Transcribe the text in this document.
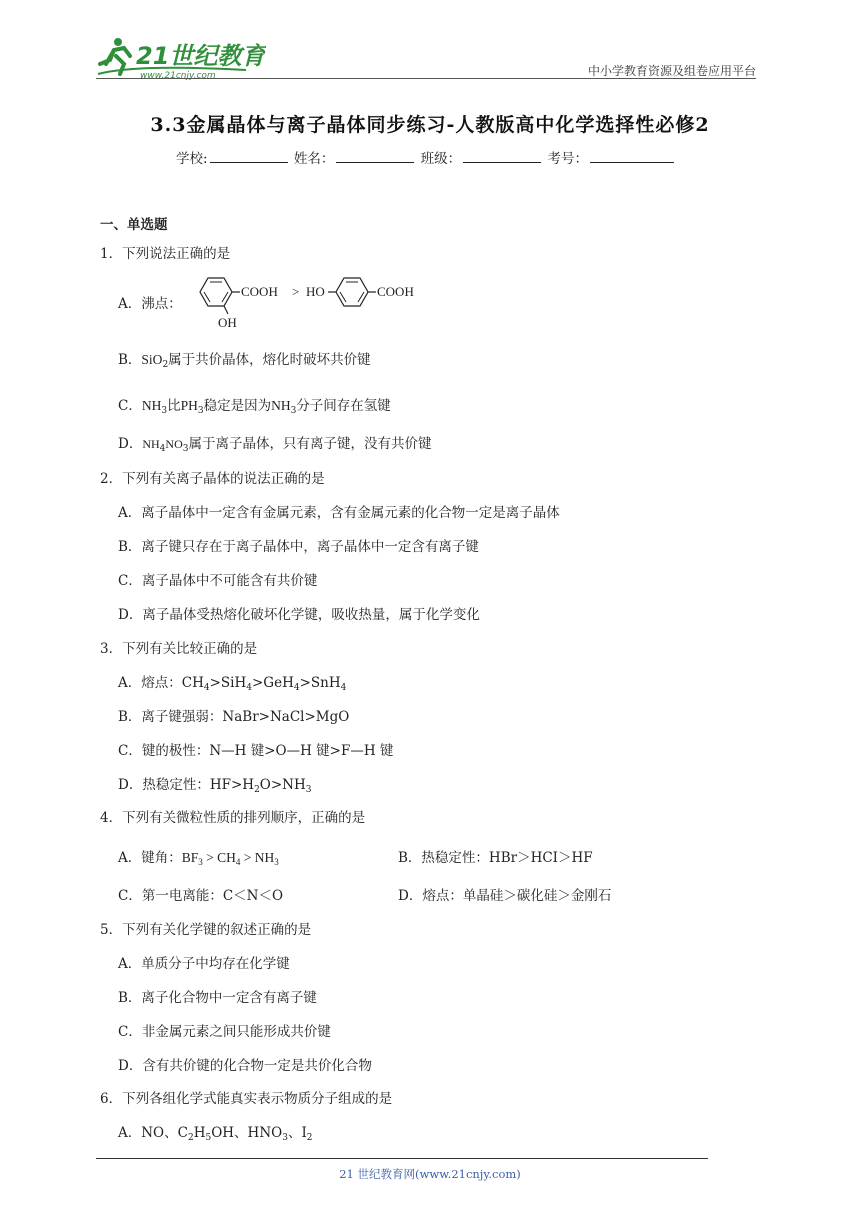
21世纪教育
www.21cnjy.com	中小学教育资源及组卷应用平台
3.3金属晶体与离子晶体同步练习-人教版高中化学选择性必修2
学校:	姓名：	班级：	考号：
一、单选题
1．下列说法正确的是
A．沸点：
COOH
OH
> HO	COOH
B．SiO$_2$属于共价晶体，熔化时破坏共价键
C．$NH_3$比$PH_3$稳定是因为$NH_3$分子间存在氢键
D．$NH_4NO_3$属于离子晶体，只有离子键，没有共价键
2．下列有关离子晶体的说法正确的是
A．离子晶体中一定含有金属元素，含有金属元素的化合物一定是离子晶体
B．离子键只存在于离子晶体中，离子晶体中一定含有离子键
C．离子晶体中不可能含有共价键
D．离子晶体受热熔化破坏化学键，吸收热量，属于化学变化
3．下列有关比较正确的是
A．熔点：$CH_4>SiH_4>GeH_4>SnH_4$
B．离子键强弱：NaBr>NaCl>MgO
C．键的极性：N—H 键>O—H 键>F—H 键
D．热稳定性：$HF>H_2O>NH_3$
4．下列有关微粒性质的排列顺序，正确的是
A．键角：$BF_3 > CH_4 > NH_3$	B．热稳定性：HBr＞HCI＞HF
C．第一电离能：C＜N＜O	D．熔点：单晶硅＞碳化硅＞金刚石
5．下列有关化学键的叙述正确的是
A．单质分子中均存在化学键
B．离子化合物中一定含有离子键
C．非金属元素之间只能形成共价键
D．含有共价键的化合物一定是共价化合物
6．下列各组化学式能真实表示物质分子组成的是
A．NO、$C_2H_5OH$、$HNO_3$、$I_2$
21 世纪教育网(www.21cnjy.com)
